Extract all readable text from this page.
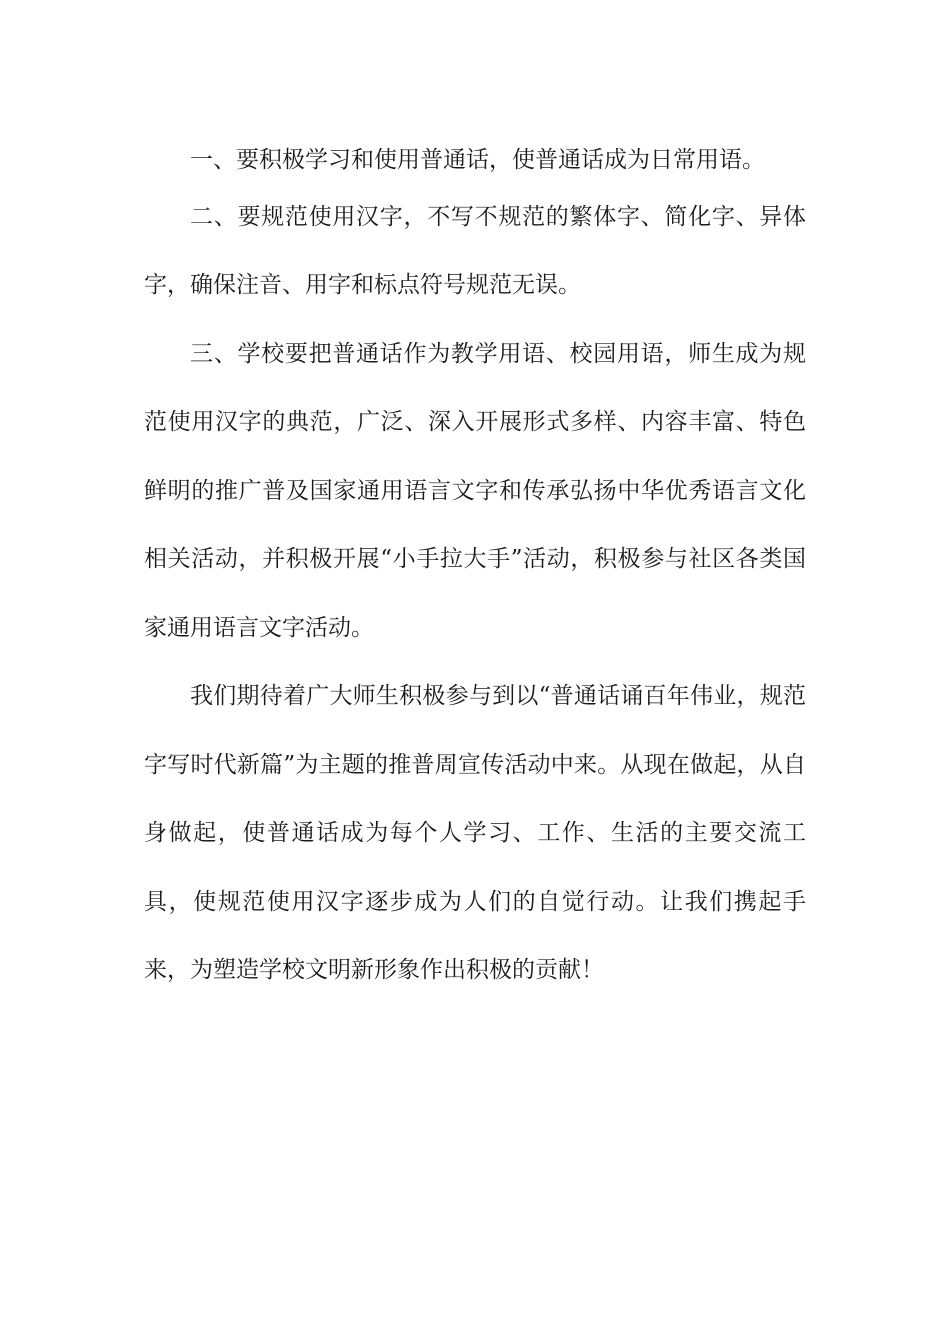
一、要积极学习和使用普通话，使普通话成为日常用语。

二、要规范使用汉字，不写不规范的繁体字、简化字、异体字，确保注音、用字和标点符号规范无误。

三、学校要把普通话作为教学用语、校园用语，师生成为规范使用汉字的典范，广泛、深入开展形式多样、内容丰富、特色鲜明的推广普及国家通用语言文字和传承弘扬中华优秀语言文化相关活动，并积极开展“小手拉大手”活动，积极参与社区各类国家通用语言文字活动。

我们期待着广大师生积极参与到以“普通话诵百年伟业，规范字写时代新篇”为主题的推普周宣传活动中来。从现在做起，从自身做起，使普通话成为每个人学习、工作、生活的主要交流工具，使规范使用汉字逐步成为人们的自觉行动。让我们携起手来，为塑造学校文明新形象作出积极的贡献！
